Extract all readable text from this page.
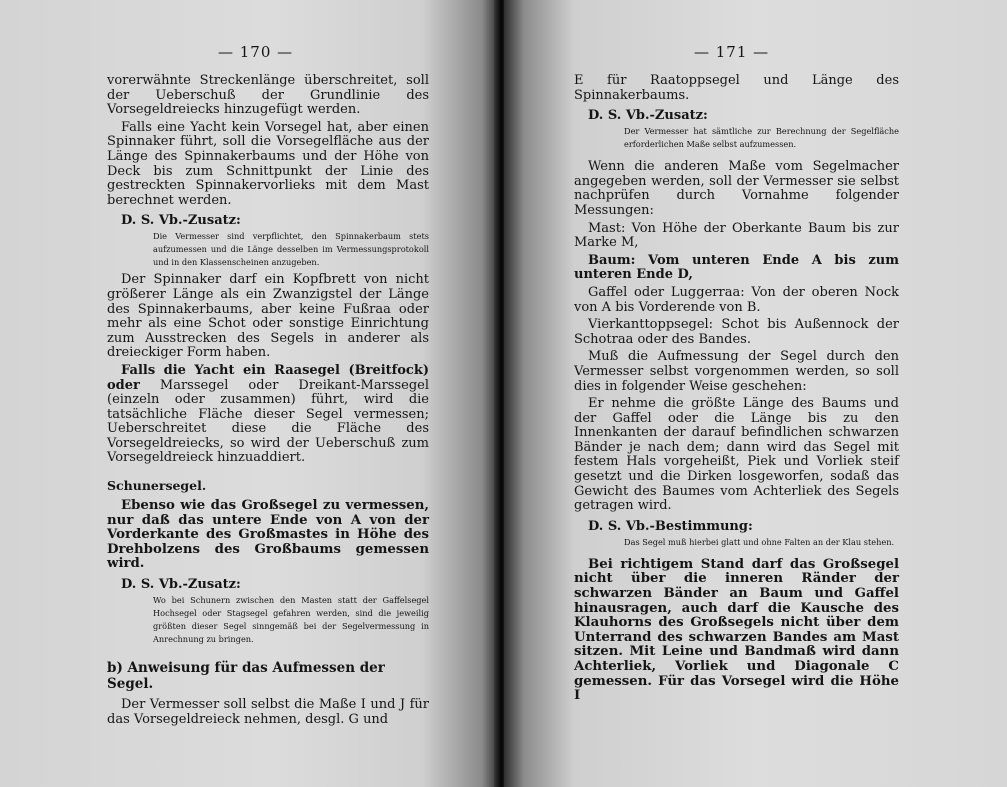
— 170 —

vorerwähnte Streckenlänge überschreitet, soll der Ueberschuß der Grundlinie des Vorsegeldreiecks hinzugefügt werden.

Falls eine Yacht kein Vorsegel hat, aber einen Spinnaker führt, soll die Vorsegelfläche aus der Länge des Spinnakerbaums und der Höhe von Deck bis zum Schnittpunkt der Linie des gestreckten Spinnakervorlieks mit dem Mast berechnet werden.

D. S. Vb.-Zusatz:

Die Vermesser sind verpflichtet, den Spinnakerbaum stets aufzumessen und die Länge desselben im Vermessungsprotokoll und in den Klassenscheinen anzugeben.

Der Spinnaker darf ein Kopfbrett von nicht größerer Länge als ein Zwanzigstel der Länge des Spinnakerbaums, aber keine Fußraa oder mehr als eine Schot oder sonstige Einrichtung zum Ausstrecken des Segels in anderer als dreieckiger Form haben.

Falls die Yacht ein Raasegel (Breitfock) oder Marssegel oder Dreikant-Marssegel (einzeln oder zusammen) führt, wird die tatsächliche Fläche dieser Segel vermessen; Ueberschreitet diese die Fläche des Vorsegeldreiecks, so wird der Ueberschuß zum Vorsegeldreieck hinzuaddiert.

Schunersegel.

Ebenso wie das Großsegel zu vermessen, nur daß das untere Ende von A von der Vorderkante des Großmastes in Höhe des Drehbolzens des Großbaums gemessen wird.

D. S. Vb.-Zusatz:

Wo bei Schunern zwischen den Masten statt der Gaffelsegel Hochsegel oder Stagsegel gefahren werden, sind die jeweilig größten dieser Segel sinngemäß bei der Segelvermessung in Anrechnung zu bringen.

b) Anweisung für das Aufmessen der Segel.

Der Vermesser soll selbst die Maße I und J für das Vorsegeldreieck nehmen, desgl. G und

— 171 —

E für Raatoppsegel und Länge des Spinnakerbaums.

D. S. Vb.-Zusatz:

Der Vermesser hat sämtliche zur Berechnung der Segelfläche erforderlichen Maße selbst aufzumessen.

Wenn die anderen Maße vom Segelmacher angegeben werden, soll der Vermesser sie selbst nachprüfen durch Vornahme folgender Messungen:

Mast: Von Höhe der Oberkante Baum bis zur Marke M,

Baum: Vom unteren Ende A bis zum unteren Ende D,

Gaffel oder Luggerraa: Von der oberen Nock von A bis Vorderende von B.

Vierkanttoppsegel: Schot bis Außennock der Schotraa oder des Bandes.

Muß die Aufmessung der Segel durch den Vermesser selbst vorgenommen werden, so soll dies in folgender Weise geschehen:

Er nehme die größte Länge des Baums und der Gaffel oder die Länge bis zu den Innenkanten der darauf befindlichen schwarzen Bänder je nach dem; dann wird das Segel mit festem Hals vorgeheißt, Piek und Vorliek steif gesetzt und die Dirken losgeworfen, sodaß das Gewicht des Baumes vom Achterliek des Segels getragen wird.

D. S. Vb.-Bestimmung:

Das Segel muß hierbei glatt und ohne Falten an der Klau stehen.

Bei richtigem Stand darf das Großsegel nicht über die inneren Ränder der schwarzen Bänder an Baum und Gaffel hinausragen, auch darf die Kausche des Klauhorns des Großsegels nicht über dem Unterrand des schwarzen Bandes am Mast sitzen. Mit Leine und Bandmaß wird dann Achterliek, Vorliek und Diagonale C gemessen. Für das Vorsegel wird die Höhe I
